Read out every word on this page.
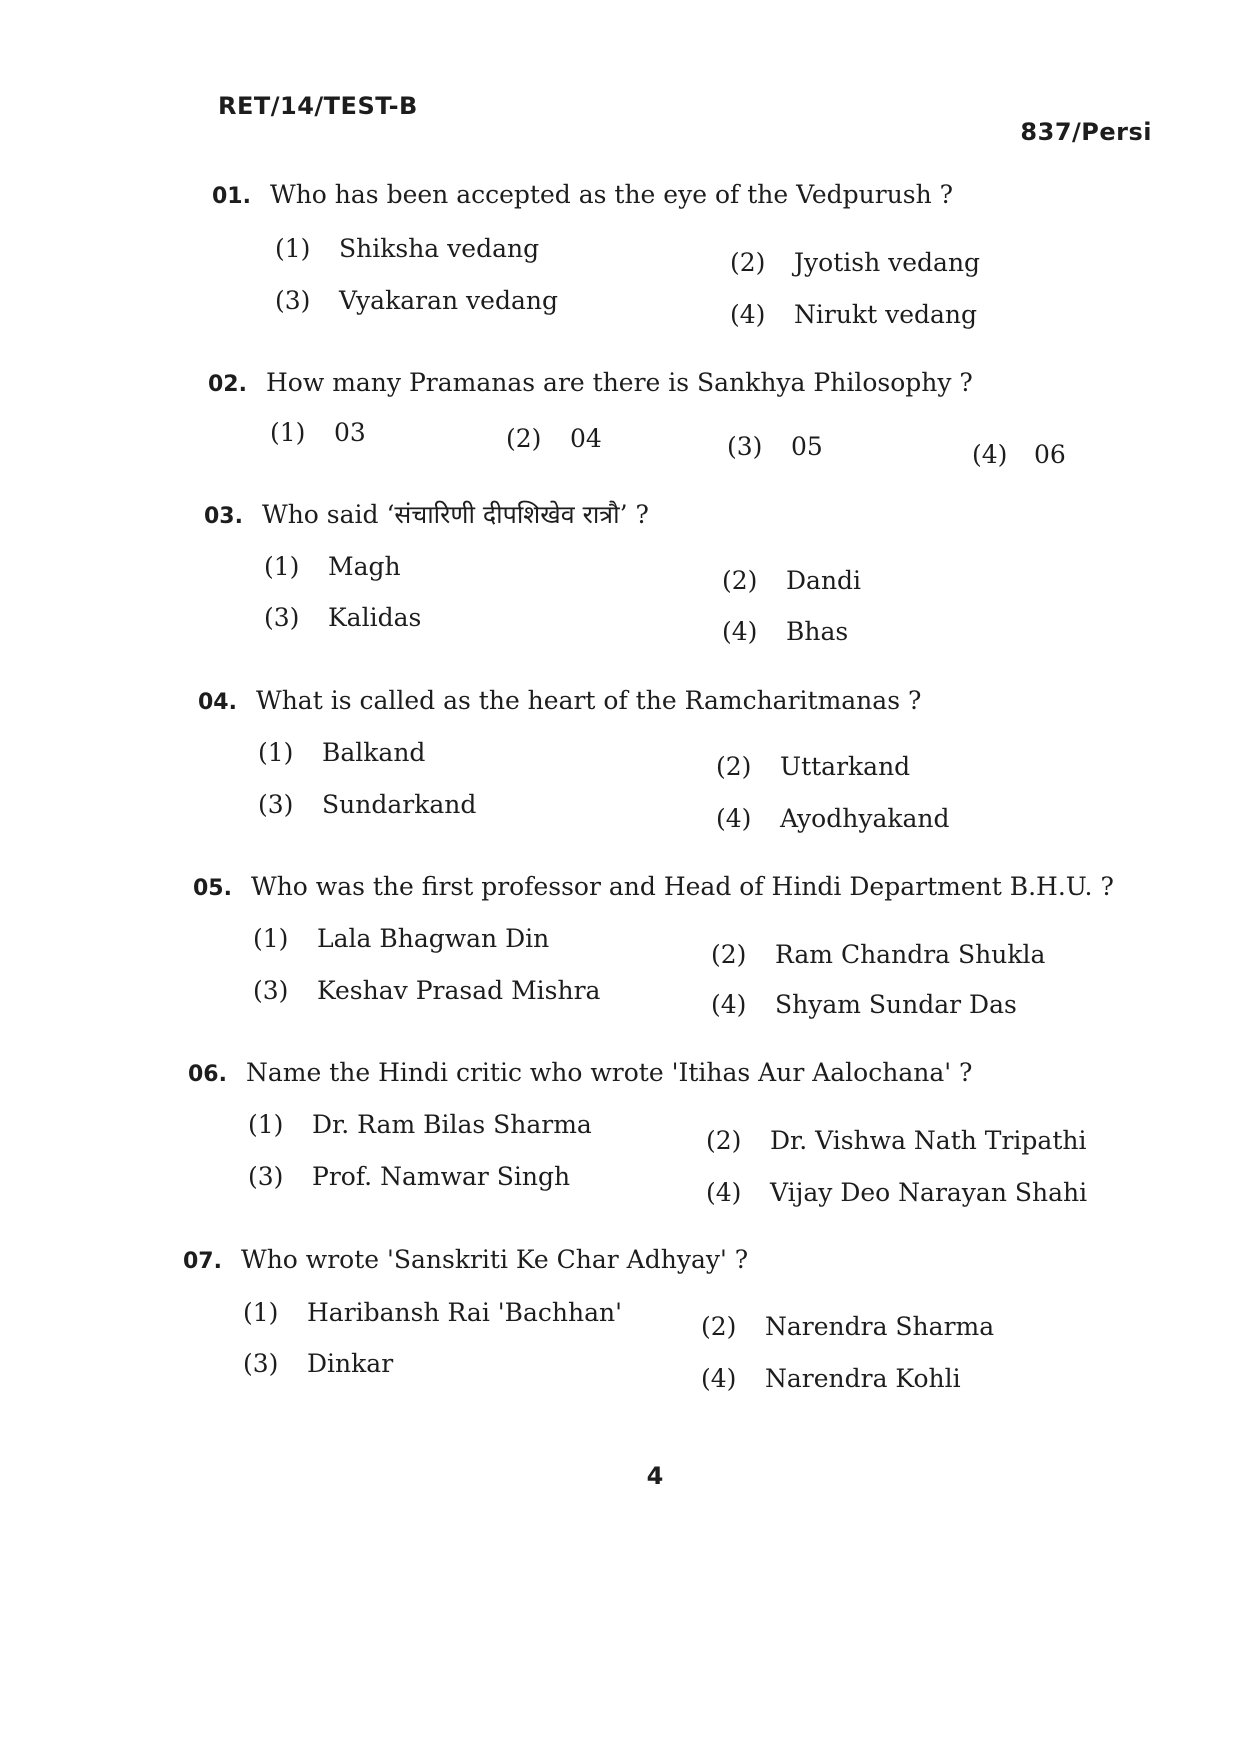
RET/14/TEST-B
837/Persi
01. Who has been accepted as the eye of the Vedpurush ?
(1) Shiksha vedang	(2) Jyotish vedang
(3) Vyakaran vedang	(4) Nirukt vedang
02. How many Pramanas are there is Sankhya Philosophy ?
(1) 03	(2) 04	(3) 05	(4) 06
03. Who said ‘संचारिणी दीपशिखेव रात्रौ’ ?
(1) Magh	(2) Dandi
(3) Kalidas	(4) Bhas
04. What is called as the heart of the Ramcharitmanas ?
(1) Balkand	(2) Uttarkand
(3) Sundarkand	(4) Ayodhyakand
05. Who was the first professor and Head of Hindi Department B.H.U. ?
(1) Lala Bhagwan Din
(2) Ram Chandra Shukla
(3) Keshav Prasad Mishra	(4) Shyam Sundar Das
06. Name the Hindi critic who wrote 'Itihas Aur Aalochana' ?
(1) Dr. Ram Bilas Sharma
(2) Dr. Vishwa Nath Tripathi
(3) Prof. Namwar Singh
(4) Vijay Deo Narayan Shahi
07. Who wrote 'Sanskriti Ke Char Adhyay' ?
(1) Haribansh Rai 'Bachhan'	(2) Narendra Sharma
(3) Dinkar
(4) Narendra Kohli
4
